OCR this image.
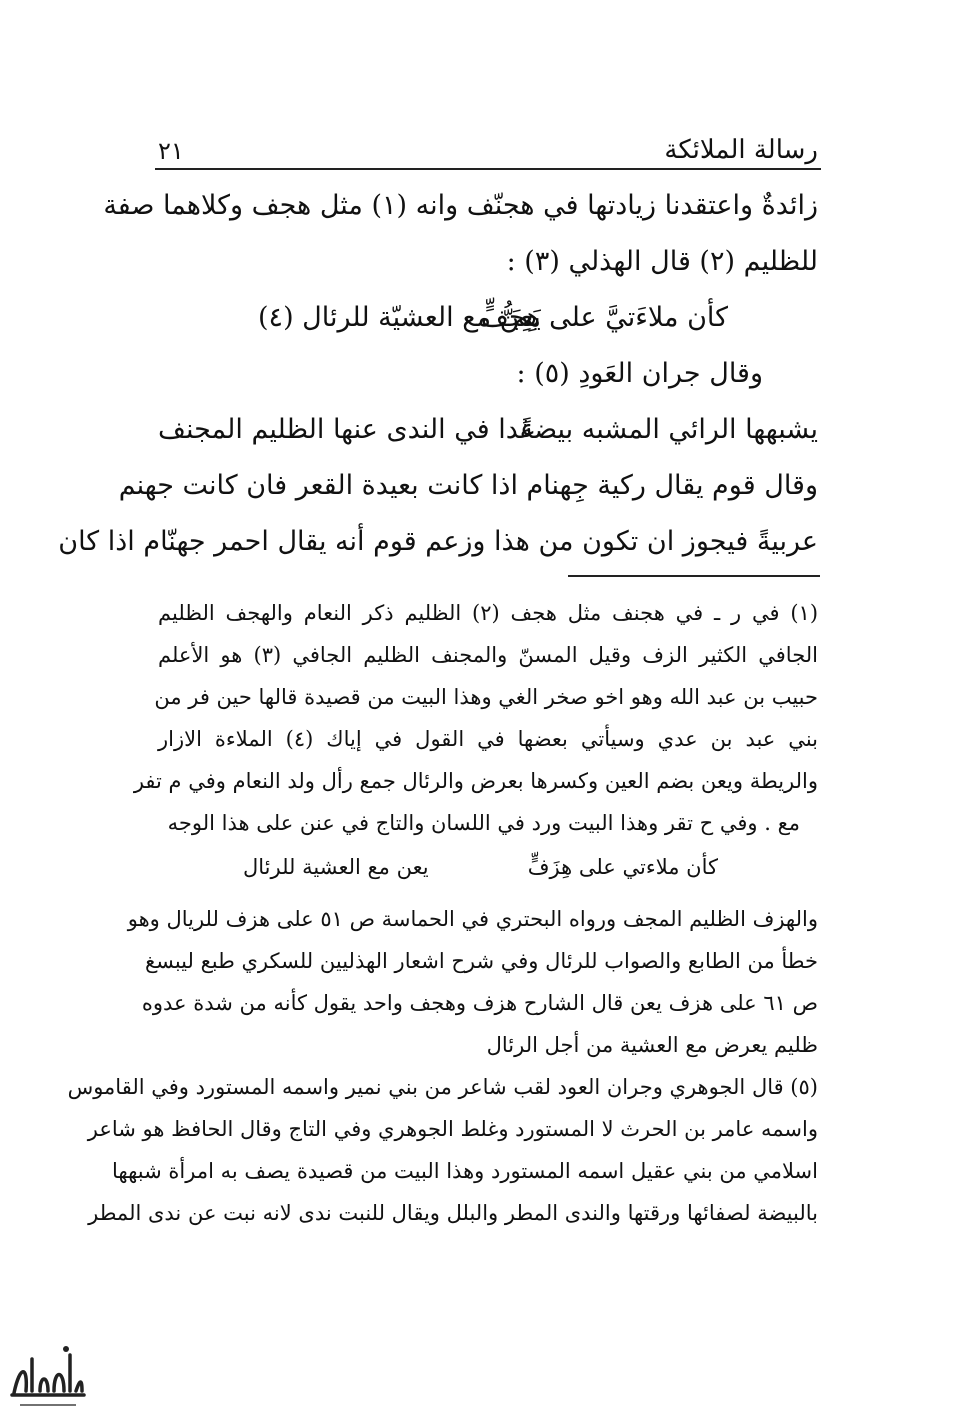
رسالة الملائكة
٢١
زائدةٌ واعتقدنا زيادتها في هجنّف وانه (١) مثل هجف وكلاهما صفة
للظليم (٢) قال الهذلي (٣) :
كأن ملاءَتيَّ على هِجَفٍّ
يَعِنُّ مع العشيّة للرئال (٤)
وقال جران العَودِ (٥) :
يشبهها الرائي المشبه بيضةً
غدا في الندى عنها الظليم المجنف
وقال قوم يقال ركية جِهنام اذا كانت بعيدة القعر فان كانت جهنم
عربيةً فيجوز ان تكون من هذا وزعم قوم أنه يقال احمر جهنّام اذا كان
(١) في ر ـ في هجنف مثل هجف (٢) الظليم ذكر النعام والهجف الظليم
الجافي الكثير الزف وقيل المسنّ والمجنف الظليم الجافي (٣) هو الأعلم
حبيب بن عبد الله وهو اخو صخر الغي وهذا البيت من قصيدة قالها حين فر من
بني عبد بن عدي وسيأتي بعضها في القول في إياك (٤) الملاءة الازار
والريطة ويعن بضم العين وكسرها بعرض والرئال جمع رأل ولد النعام وفي م تفر
مع . وفي ح تقر وهذا البيت ورد في اللسان والتاج في عنن على هذا الوجه
كأن ملاءتي على هِزَفٍّ
يعن مع العشية للرئال
والهزف الظليم المجف ورواه البحتري في الحماسة ص ٥١ على هزف للريال وهو
خطأ من الطابع والصواب للرئال وفي شرح اشعار الهذليين للسكري طبع ليبسغ
ص ٦١ على هزف يعن قال الشارح هزف وهجف واحد يقول كأنه من شدة عدوه
ظليم يعرض مع العشية من أجل الرئال
(٥) قال الجوهري وجران العود لقب شاعر من بني نمير واسمه المستورد وفي القاموس
واسمه عامر بن الحرث لا المستورد وغلط الجوهري وفي التاج وقال الحافظ هو شاعر
اسلامي من بني عقيل اسمه المستورد وهذا البيت من قصيدة يصف به امرأة شبهها
بالبيضة لصفائها ورقتها والندى المطر والبلل ويقال للنبت ندى لانه نبت عن ندى المطر
